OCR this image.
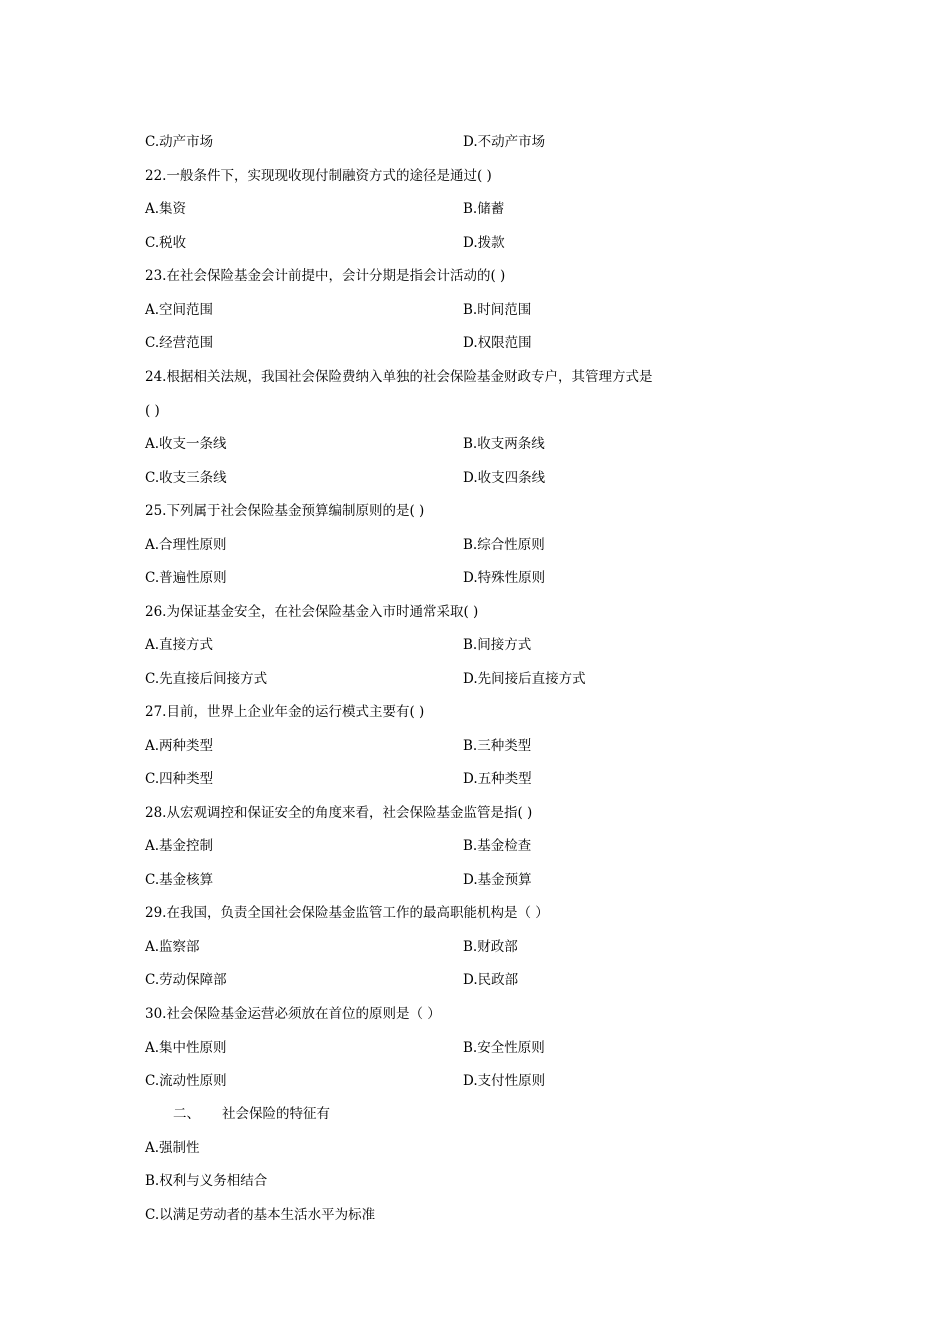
C.动产市场	D.不动产市场
22.一般条件下，实现现收现付制融资方式的途径是通过( )
A.集资	B.储蓄
C.税收	D.拨款
23.在社会保险基金会计前提中，会计分期是指会计活动的( )
A.空间范围	B.时间范围
C.经营范围	D.权限范围
24.根据相关法规，我国社会保险费纳入单独的社会保险基金财政专户，其管理方式是
( )
A.收支一条线	B.收支两条线
C.收支三条线	D.收支四条线
25.下列属于社会保险基金预算编制原则的是( )
A.合理性原则	B.综合性原则
C.普遍性原则	D.特殊性原则
26.为保证基金安全，在社会保险基金入市时通常采取( )
A.直接方式	B.间接方式
C.先直接后间接方式	D.先间接后直接方式
27.目前，世界上企业年金的运行模式主要有( )
A.两种类型	B.三种类型
C.四种类型	D.五种类型
28.从宏观调控和保证安全的角度来看，社会保险基金监管是指( )
A.基金控制	B.基金检查
C.基金核算	D.基金预算
29.在我国，负责全国社会保险基金监管工作的最高职能机构是（ ）
A.监察部	B.财政部
C.劳动保障部	D.民政部
30.社会保险基金运营必须放在首位的原则是（ ）
A.集中性原则	B.安全性原则
C.流动性原则	D.支付性原则
二、 社会保险的特征有
A.强制性
B.权利与义务相结合
C.以满足劳动者的基本生活水平为标准
